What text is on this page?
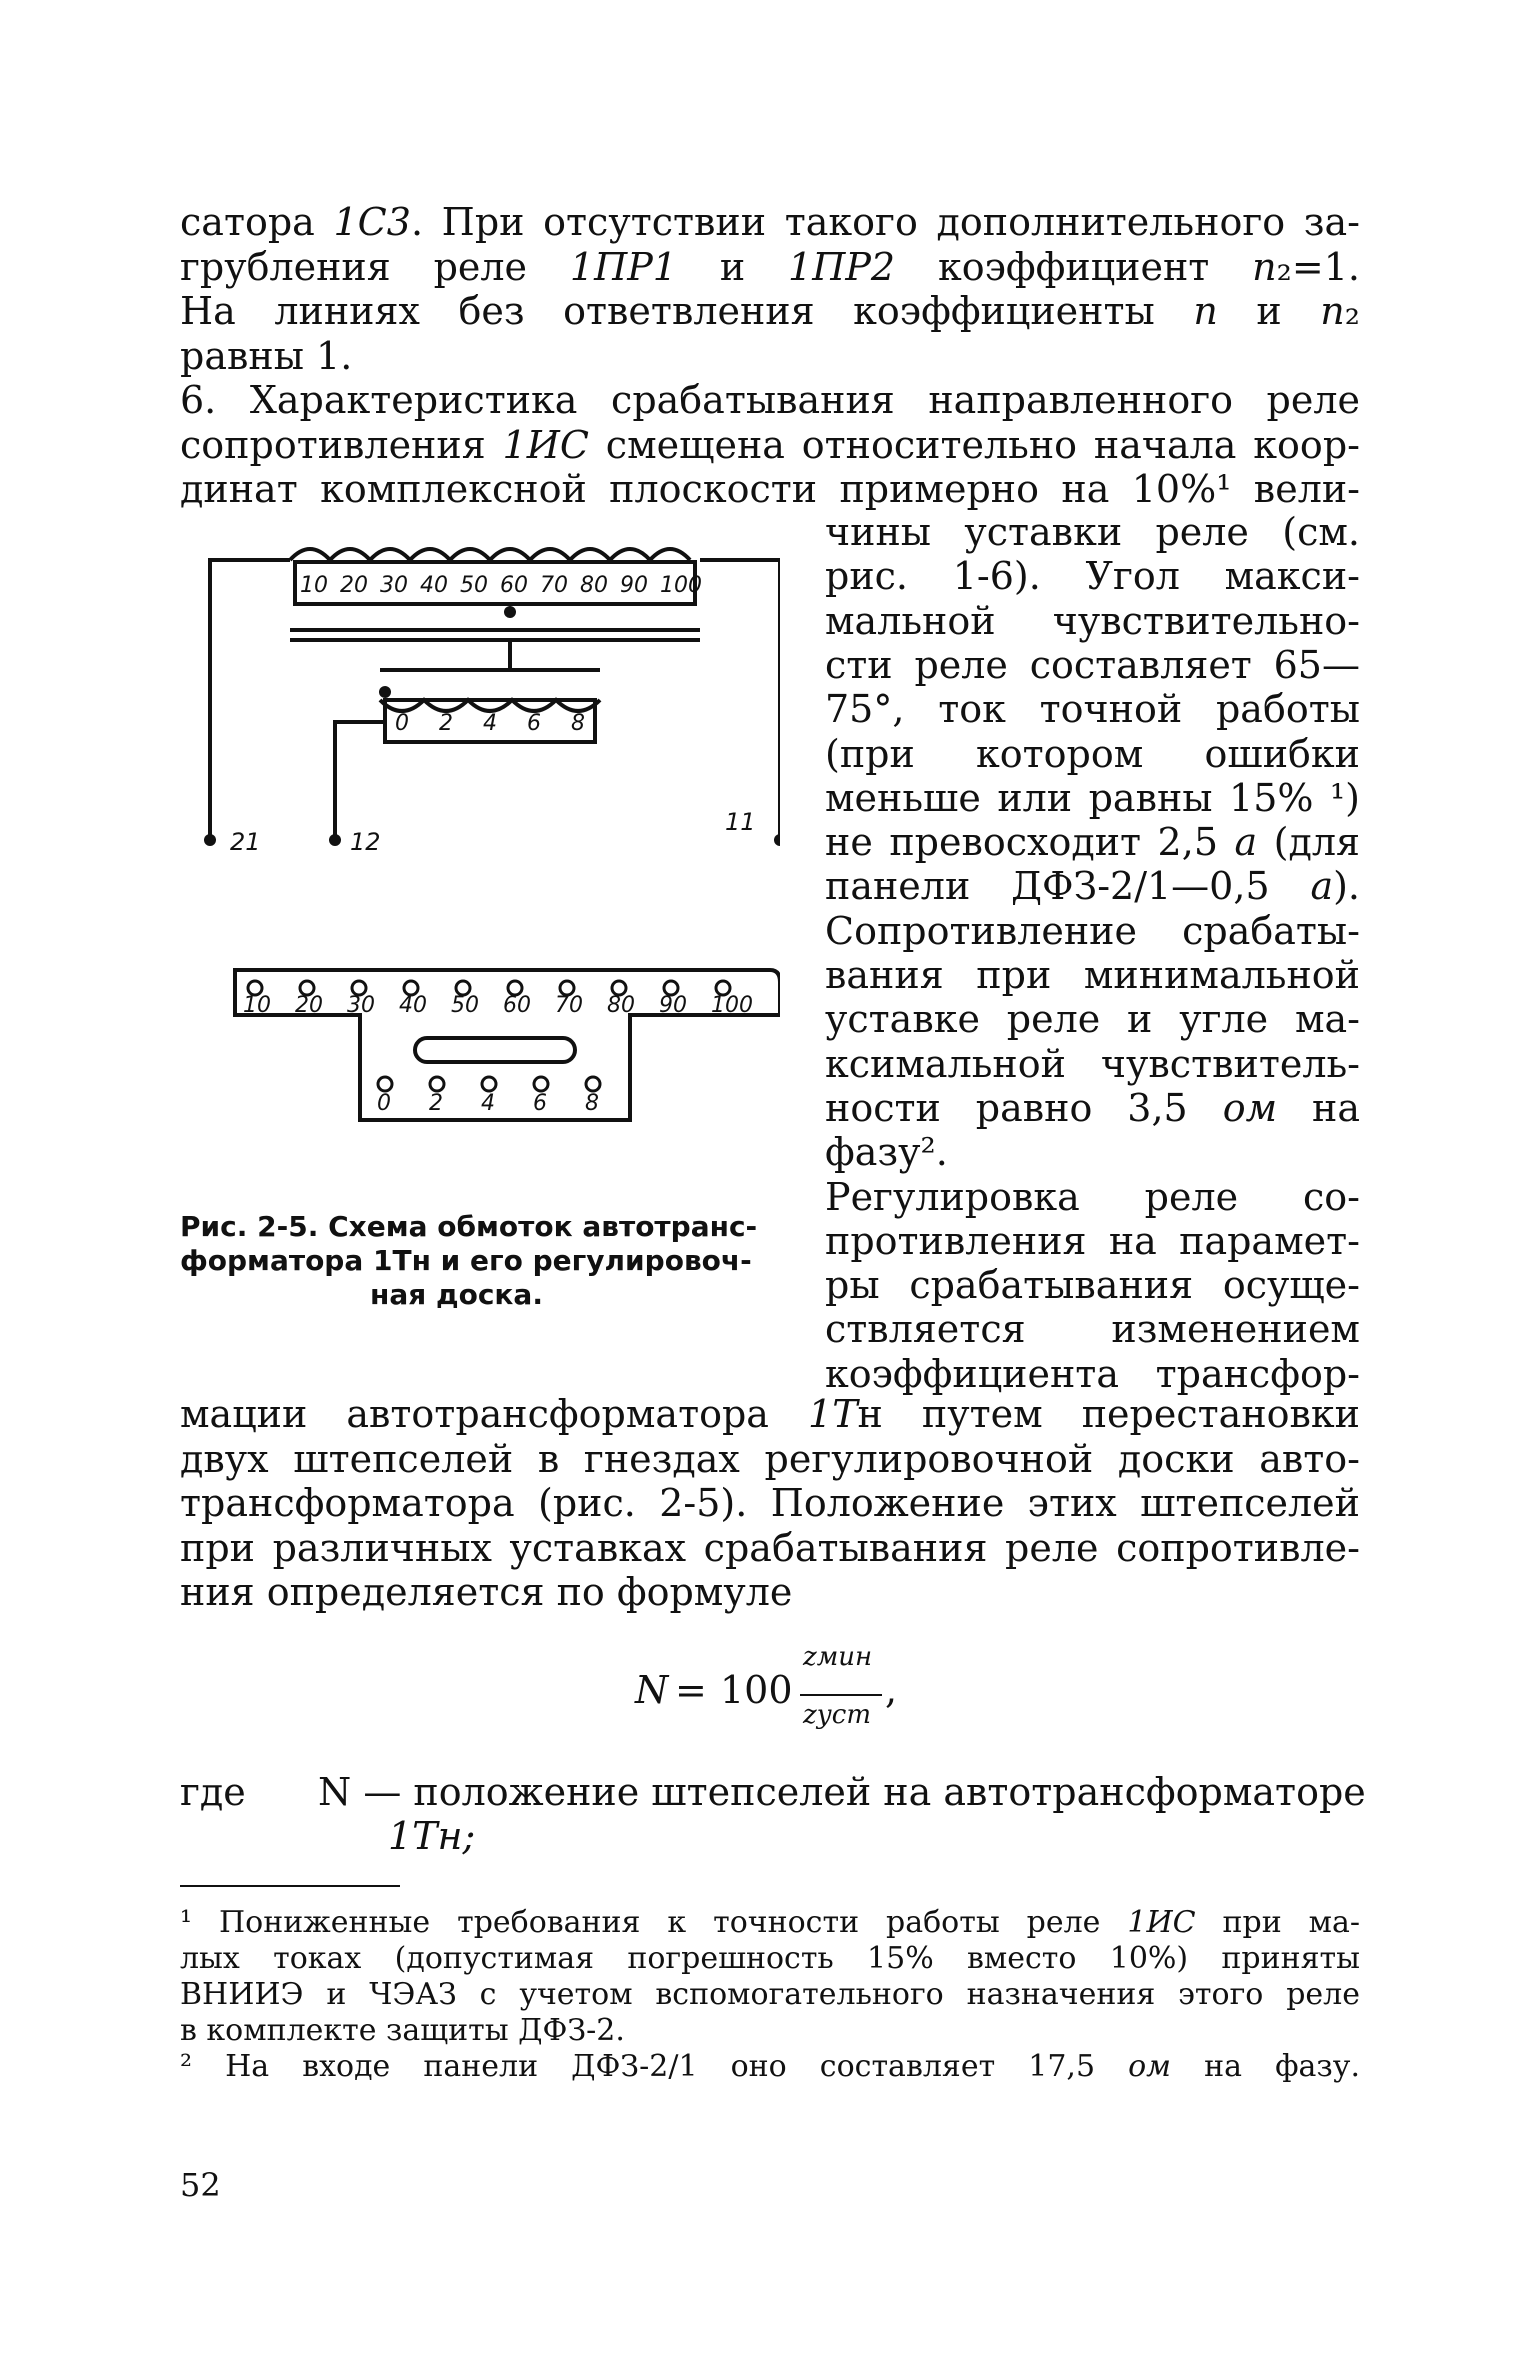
сатора 1С3. При отсутствии такого дополнительного за-
грубления реле 1ПР1 и 1ПР2 коэффициент n₂=1.
На линиях без ответвления коэффициенты n и n₂
равны 1.
6. Характеристика срабатывания направленного реле
сопротивления 1ИС смещена относительно начала коор-
динат комплексной плоскости примерно на 10%¹ вели-
чины уставки реле (см.
рис. 1-6). Угол макси-
мальной чувствительно-
сти реле составляет 65—
75°, ток точной работы
(при котором ошибки
меньше или равны 15% ¹)
не превосходит 2,5 а (для
панели ДФЗ-2/1—0,5 а).
Сопротивление срабаты-
вания при минимальной
уставке реле и угле ма-
ксимальной чувствитель-
ности равно 3,5 ом на
фазу².
Регулировка реле со-
противления на парамет-
ры срабатывания осуще-
ствляется изменением
коэффициента трансфор-
мации автотрансформатора 1Тн путем перестановки
двух штепселей в гнездах регулировочной доски авто-
трансформатора (рис. 2-5). Положение этих штепселей
при различных уставках срабатывания реле сопротивле-
ния определяется по формуле
10 20 30 40 50 60 70 80 90 100
0 2 4 6 8
21	12
11
10 20 30 40 50 60 70 80 90 100
0 2 4 6 8
Рис. 2-5. Схема обмоток автотранс-
форматора 1Тн и его регулировоч-
ная доска.
N = 100
zмин
zуст
,
где N — положение штепселей на автотрансформаторе
1Тн;
¹ Пониженные требования к точности работы реле 1ИС при ма-
лых токах (допустимая погрешность 15% вместо 10%) приняты
ВНИИЭ и ЧЭАЗ с учетом вспомогательного назначения этого реле
в комплекте защиты ДФЗ-2.
² На входе панели ДФЗ-2/1 оно составляет 17,5 ом на фазу.
52
